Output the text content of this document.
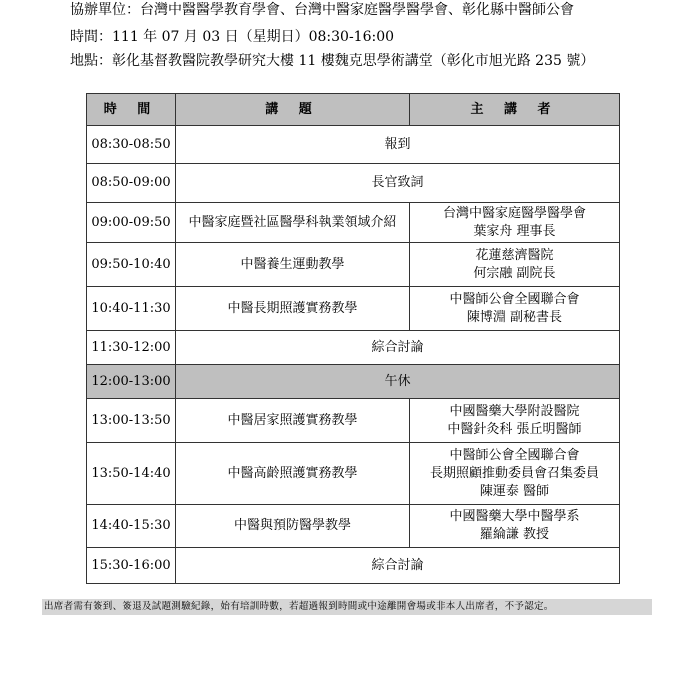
協辦單位：台灣中醫醫學教育學會、台灣中醫家庭醫學醫學會、彰化縣中醫師公會
時間：111 年 07 月 03 日（星期日）08:30-16:00
地點：彰化基督教醫院教學研究大樓 11 樓魏克思學術講堂（彰化市旭光路 235 號）
時 間	講 題	主 講 者
08:30-08:50	報到	
08:50-09:00	長官致詞	
09:00-09:50	中醫家庭暨社區醫學科執業領域介紹	台灣中醫家庭醫學醫學會
葉家舟 理事長

09:50-10:40	中醫養生運動教學	花蓮慈濟醫院
何宗融 副院長

10:40-11:30	中醫長期照護實務教學	中醫師公會全國聯合會
陳博淵 副秘書長

11:30-12:00	綜合討論	
12:00-13:00	午休	
13:00-13:50	中醫居家照護實務教學	中國醫藥大學附設醫院
中醫針灸科 張丘明醫師

13:50-14:40	中醫高齡照護實務教學	中醫師公會全國聯合會
長期照顧推動委員會召集委員
陳運泰 醫師

14:40-15:30	中醫與預防醫學教學	中國醫藥大學中醫學系
羅綸謙 教授

15:30-16:00	綜合討論	
出席者需有簽到、簽退及試題測驗紀錄，始有培訓時數，若超過報到時間或中途離開會場或非本人出席者，不予認定。
